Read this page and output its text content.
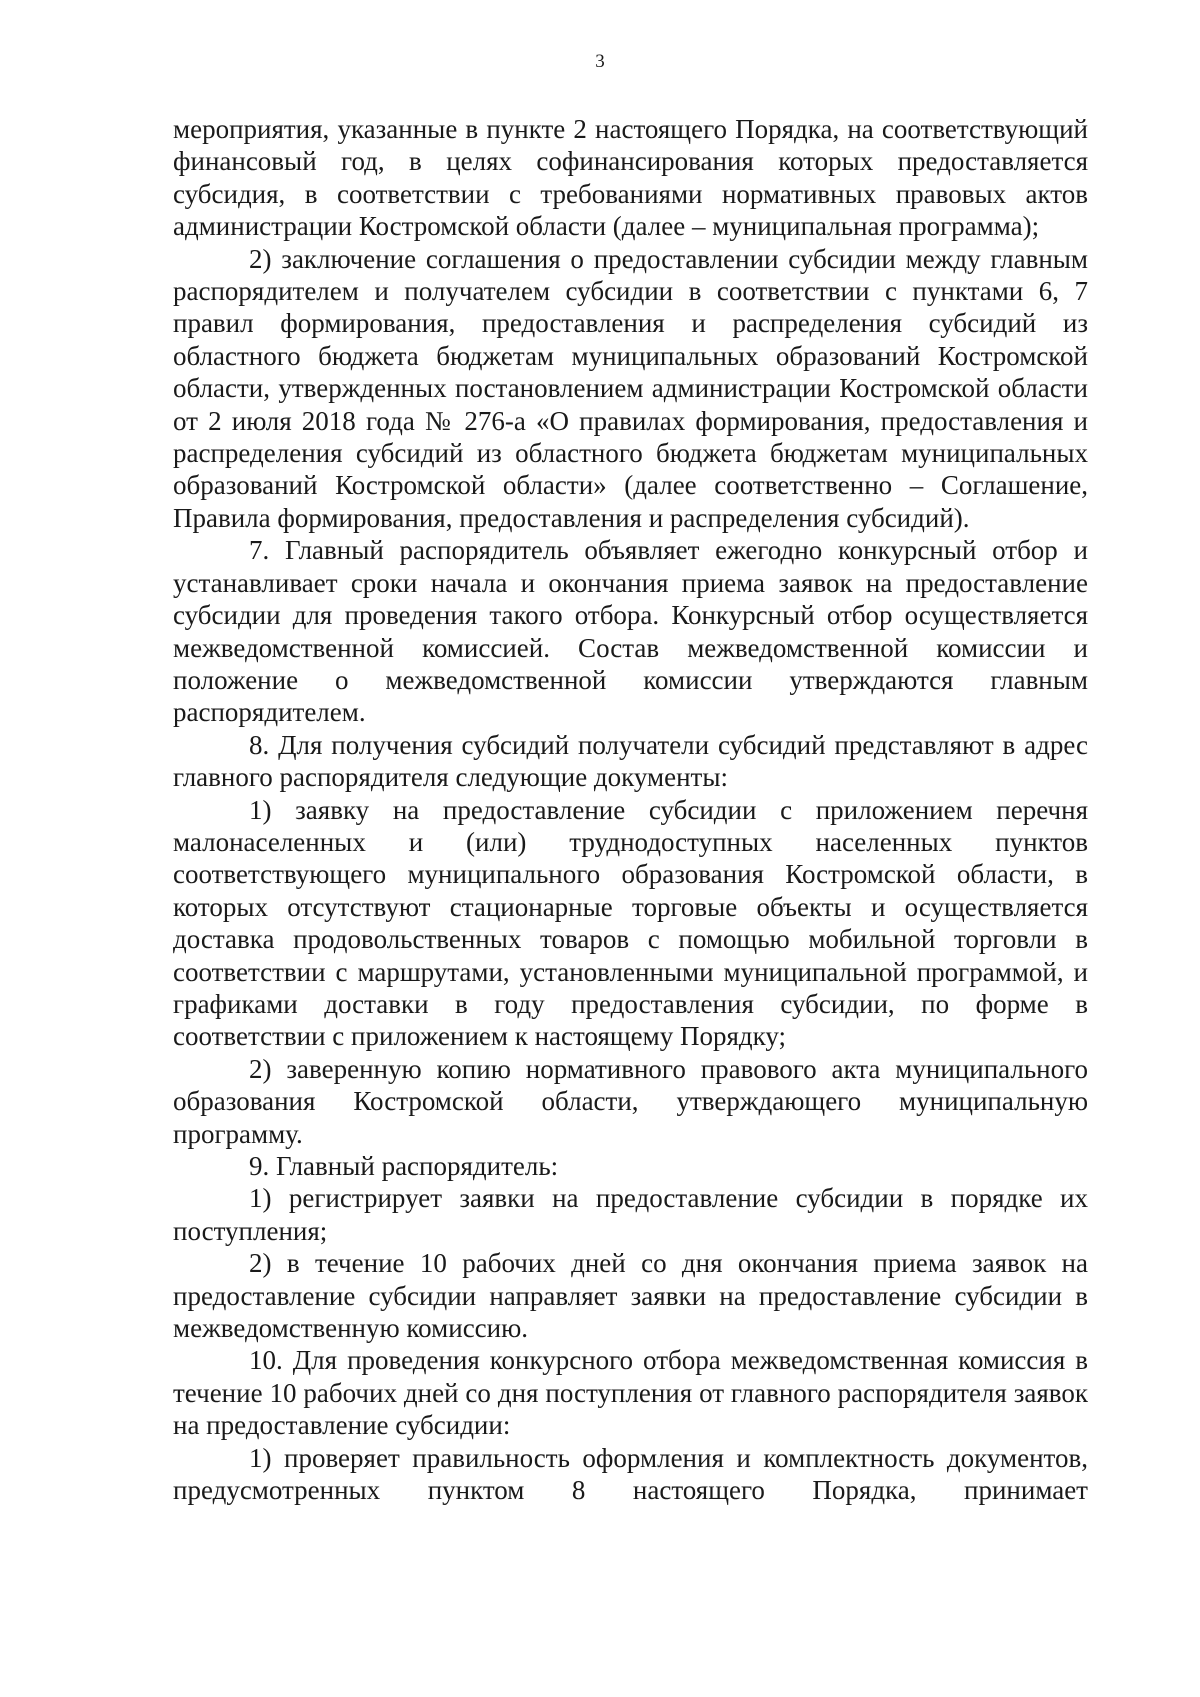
3

мероприятия, указанные в пункте 2 настоящего Порядка, на соответствующий финансовый год, в целях софинансирования которых предоставляется субсидия, в соответствии с требованиями нормативных правовых актов администрации Костромской области (далее – муниципальная программа);

2) заключение соглашения о предоставлении субсидии между главным распорядителем и получателем субсидии в соответствии с пунктами 6, 7 правил формирования, предоставления и распределения субсидий из областного бюджета бюджетам муниципальных образований Костромской области, утвержденных постановлением администрации Костромской области от 2 июля 2018 года № 276-а «О правилах формирования, предоставления и распределения субсидий из областного бюджета бюджетам муниципальных образований Костромской области» (далее соответственно – Соглашение, Правила формирования, предоставления и распределения субсидий).

7. Главный распорядитель объявляет ежегодно конкурсный отбор и устанавливает сроки начала и окончания приема заявок на предоставление субсидии для проведения такого отбора. Конкурсный отбор осуществляется межведомственной комиссией. Состав межведомственной комиссии и положение о межведомственной комиссии утверждаются главным распорядителем.

8. Для получения субсидий получатели субсидий представляют в адрес главного распорядителя следующие документы:

1) заявку на предоставление субсидии с приложением перечня малонаселенных и (или) труднодоступных населенных пунктов соответствующего муниципального образования Костромской области, в которых отсутствуют стационарные торговые объекты и осуществляется доставка продовольственных товаров с помощью мобильной торговли в соответствии с маршрутами, установленными муниципальной программой, и графиками доставки в году предоставления субсидии, по форме в соответствии с приложением к настоящему Порядку;

2) заверенную копию нормативного правового акта муниципального образования Костромской области, утверждающего муниципальную программу.

9. Главный распорядитель:

1) регистрирует заявки на предоставление субсидии в порядке их поступления;

2) в течение 10 рабочих дней со дня окончания приема заявок на предоставление субсидии направляет заявки на предоставление субсидии в межведомственную комиссию.

10. Для проведения конкурсного отбора межведомственная комиссия в течение 10 рабочих дней со дня поступления от главного распорядителя заявок на предоставление субсидии:

1) проверяет правильность оформления и комплектность документов, предусмотренных пунктом 8 настоящего Порядка, принимает
